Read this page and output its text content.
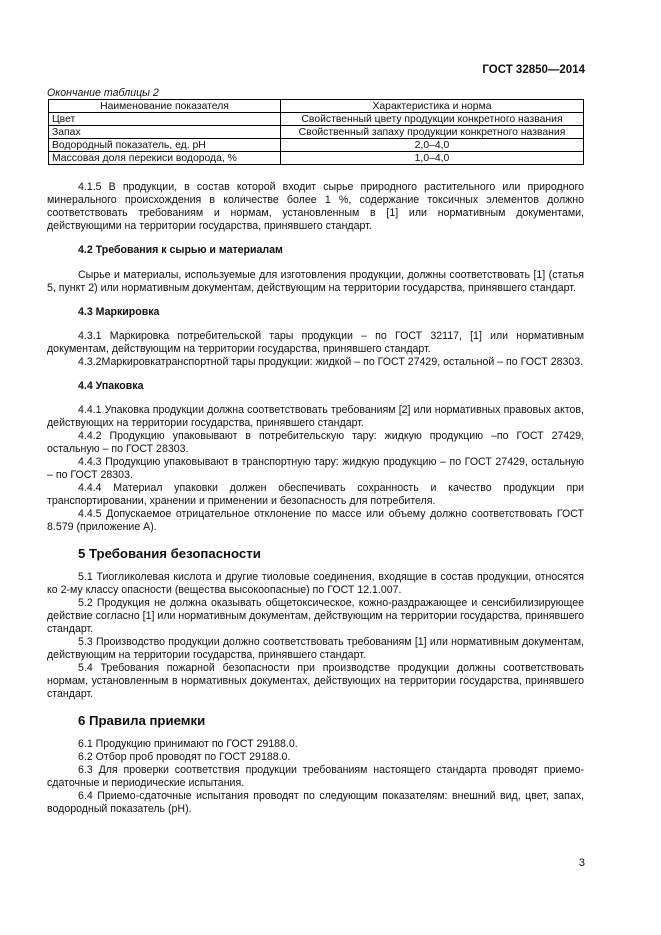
ГОСТ 32850—2014
Окончание таблицы 2
Наименование показателя	Характеристика и норма
Цвет	Свойственный цвету продукции конкретного названия
Запах	Свойственный запаху продукции конкретного названия
Водородный показатель, ед. pH	2,0–4,0
Массовая доля перекиси водорода, %	1,0–4,0

4.1.5 В продукции, в состав которой входит сырье природного растительного или природного минерального происхождения в количестве более 1 %, содержание токсичных элементов должно соответствовать требованиям и нормам, установленным в [1] или нормативным документами, действующими на территории государства, принявшего стандарт.

4.2 Требования к сырью и материалам

Сырье и материалы, используемые для изготовления продукции, должны соответствовать [1] (статья 5, пункт 2) или нормативным документам, действующим на территории государства, принявшего стандарт.

4.3 Маркировка

4.3.1 Маркировка потребительской тары продукции – по ГОСТ 32117, [1] или нормативным документам, действующим на территории государства, принявшего стандарт.

4.3.2Маркировкатранспортной тары продукции: жидкой – по ГОСТ 27429, остальной – по ГОСТ 28303.

4.4 Упаковка

4.4.1 Упаковка продукции должна соответствовать требованиям [2] или нормативных правовых актов, действующих на территории государства, принявшего стандарт.

4.4.2 Продукцию упаковывают в потребительскую тару: жидкую продукцию –по ГОСТ 27429, остальную – по ГОСТ 28303.

4.4.3 Продукцию упаковывают в транспортную тару: жидкую продукцию – по ГОСТ 27429, остальную – по ГОСТ 28303.

4.4.4 Материал упаковки должен обеспечивать сохранность и качество продукции при транспортировании, хранении и применении и безопасность для потребителя.

4.4.5 Допускаемое отрицательное отклонение по массе или объему должно соответствовать ГОСТ 8.579 (приложение А).

5 Требования безопасности

5.1 Тиогликолевая кислота и другие тиоловые соединения, входящие в состав продукции, относятся ко 2-му классу опасности (вещества высокоопасные) по ГОСТ 12.1.007.

5.2 Продукция не должна оказывать общетоксическое, кожно-раздражающее и сенсибилизирующее действие согласно [1] или нормативным документам, действующим на территории государства, принявшего стандарт.

5.3 Производство продукции должно соответствовать требованиям [1] или нормативным документам, действующим на территории государства, принявшего стандарт.

5.4 Требования пожарной безопасности при производстве продукции должны соответствовать нормам, установленным в нормативных документах, действующих на территории государства, принявшего стандарт.

6 Правила приемки

6.1 Продукцию принимают по ГОСТ 29188.0.

6.2 Отбор проб проводят по ГОСТ 29188.0.

6.3 Для проверки соответствия продукции требованиям настоящего стандарта проводят приемо-сдаточные и периодические испытания.

6.4 Приемо-сдаточные испытания проводят по следующим показателям: внешний вид, цвет, запах, водородный показатель (pH).

3
